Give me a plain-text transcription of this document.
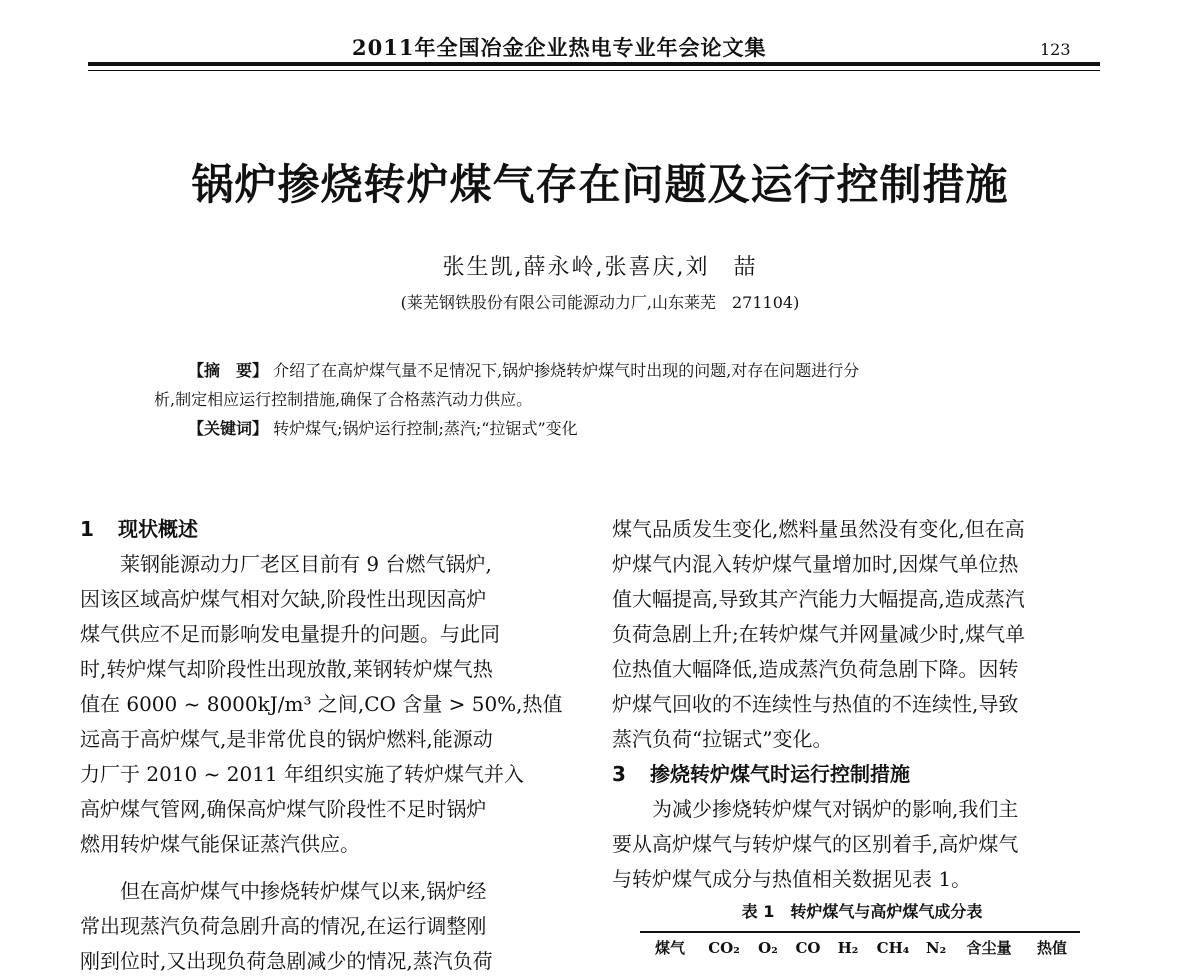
2011年全国冶金企业热电专业年会论文集	123
锅炉掺烧转炉煤气存在问题及运行控制措施
张生凯,薛永岭,张喜庆,刘　喆
(莱芜钢铁股份有限公司能源动力厂,山东莱芜　271104)
【摘　要】 介绍了在高炉煤气量不足情况下,锅炉掺烧转炉煤气时出现的问题,对存在问题进行分
析,制定相应运行控制措施,确保了合格蒸汽动力供应。
【关键词】 转炉煤气;锅炉运行控制;蒸汽;“拉锯式”变化
1 现状概述
莱钢能源动力厂老区目前有 9 台燃气锅炉,
因该区域高炉煤气相对欠缺,阶段性出现因高炉
煤气供应不足而影响发电量提升的问题。与此同
时,转炉煤气却阶段性出现放散,莱钢转炉煤气热
值在 6000 ~ 8000kJ/m³ 之间,CO 含量 > 50%,热值
远高于高炉煤气,是非常优良的锅炉燃料,能源动
力厂于 2010 ~ 2011 年组织实施了转炉煤气并入
高炉煤气管网,确保高炉煤气阶段性不足时锅炉
燃用转炉煤气能保证蒸汽供应。
但在高炉煤气中掺烧转炉煤气以来,锅炉经
常出现蒸汽负荷急剧升高的情况,在运行调整刚
刚到位时,又出现负荷急剧减少的情况,蒸汽负荷
煤气品质发生变化,燃料量虽然没有变化,但在高
炉煤气内混入转炉煤气量增加时,因煤气单位热
值大幅提高,导致其产汽能力大幅提高,造成蒸汽
负荷急剧上升;在转炉煤气并网量减少时,煤气单
位热值大幅降低,造成蒸汽负荷急剧下降。因转
炉煤气回收的不连续性与热值的不连续性,导致
蒸汽负荷“拉锯式”变化。
3 掺烧转炉煤气时运行控制措施
为减少掺烧转炉煤气对锅炉的影响,我们主
要从高炉煤气与转炉煤气的区别着手,高炉煤气
与转炉煤气成分与热值相关数据见表 1。
表 1　转炉煤气与高炉煤气成分表
煤气	CO₂	O₂	CO	H₂	CH₄	N₂	含尘量	热值
